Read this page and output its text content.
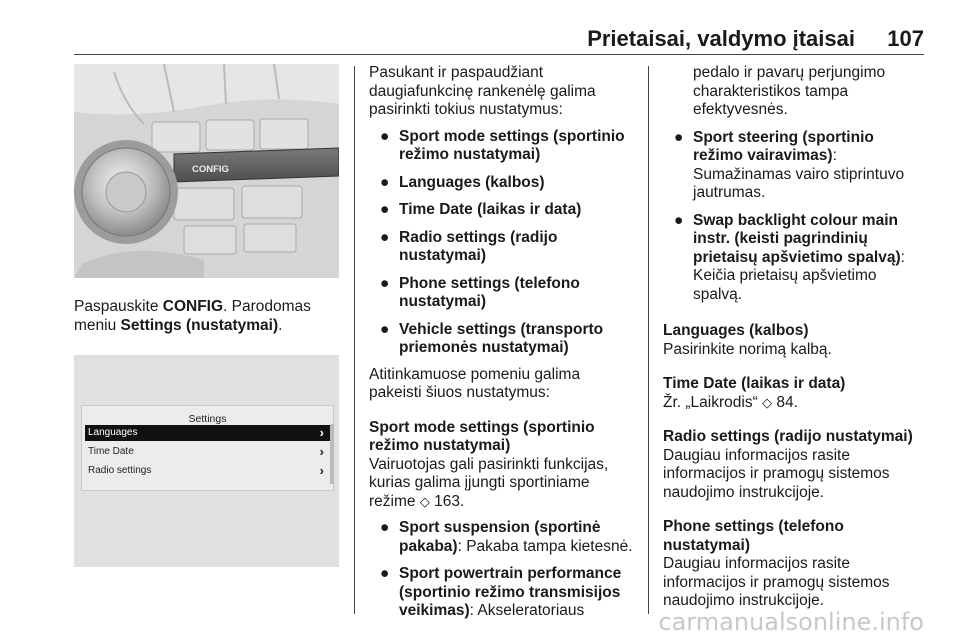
Prietaisai, valdymo įtaisai 107
CONFIG

Paspauskite CONFIG. Parodomas meniu Settings (nustatymai).

Settings
Languages	›
Time Date	›
Radio settings	›

Pasukant ir paspaudžiant daugiafunkcinę rankenėlę galima pasirinkti tokius nustatymus:

● Sport mode settings (sportinio režimo nustatymai)
● Languages (kalbos)
● Time Date (laikas ir data)
● Radio settings (radijo nustatymai)
● Phone settings (telefono nustatymai)
● Vehicle settings (transporto priemonės nustatymai)

Atitinkamuose pomeniu galima pakeisti šiuos nustatymus:

Sport mode settings (sportinio režimo nustatymai)

Vairuotojas gali pasirinkti funkcijas, kurias galima įjungti sportiniame režime ◇ 163.

● Sport suspension (sportinė pakaba): Pakaba tampa kietesnė.
● Sport powertrain performance (sportinio režimo transmisijos veikimas): Akseleratoriaus
pedalo ir pavarų perjungimo charakteristikos tampa efektyvesnės.
● Sport steering (sportinio režimo vairavimas): Sumažinamas vairo stiprintuvo jautrumas.
● Swap backlight colour main instr. (keisti pagrindinių prietaisų apšvietimo spalvą): Keičia prietaisų apšvietimo spalvą.

Languages (kalbos)

Pasirinkite norimą kalbą.

Time Date (laikas ir data)

Žr. „Laikrodis“ ◇ 84.

Radio settings (radijo nustatymai)

Daugiau informacijos rasite informacijos ir pramogų sistemos naudojimo instrukcijoje.

Phone settings (telefono nustatymai)

Daugiau informacijos rasite informacijos ir pramogų sistemos naudojimo instrukcijoje.

carmanualsonline.info
